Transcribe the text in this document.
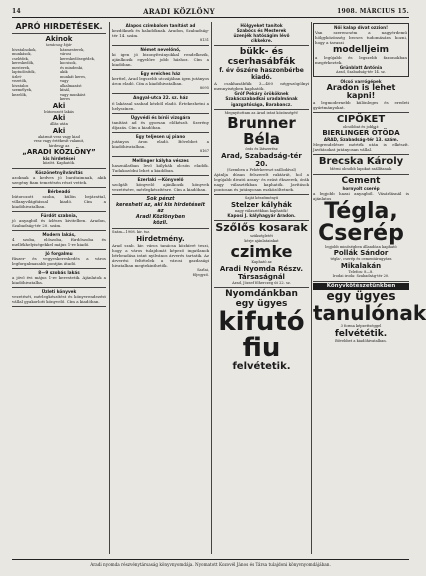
14	ARADI KÖZLÖNY	1908. MÁRCIUS 15.
APRÓ HIRDETÉSEK.
Akinok
tanácsog kijár
hivatalnokok,
munkások,
cselédek,
kereskedők,
mesterek,
laptudósítók,
üzlet-
vezetők,
hivatalos
személyek,
kezelők,
házmesterek,
városi
kereskedősegédek,
kocsisok,
és mindenki,
akik
munkát keres,
vagy
alkalmazást
kínál,
vagy munkást
keres
Aki
bútorozott lakás
Aki
állás után
Aki
akármit vesz vagy kiad
vesz vagy értékesít valamit,
hirdesse az
„ARADI KÖZLÖNY”
kis hirdetései
között. Kaphatók.
Köszönetnyilvánítás
azoknak a kedves jó barátaimnak, akik szegény fiam temetésén részt vettek.
Bérbeadó
bútorozott szoba, külön bejárattal, villanyvilágítással kiadó. Cím a kiadóhivatalban.
Fürdőt szabnia,
jó anyagból és ízléses kivitelben. Aradon, Szabadság-tér 20. szám.
Modern lakás,
4 szoba, előszoba, fürdőszoba és mellékhelyiségekkel május 1-re kiadó.
Jó forgalmu
fűszer- és vegyeskereskedés a város legforgalmasabb pontján átadó.
8—9 szobás lakás
a jövő évi május 1-re kerestetik. Ajánlatok a kiadóhivatalba.
Üzleti könyvek
vezetését, mérlegkészítést és könyvrendezést vállal gyakorlott könyvelő. Cím a kiadóban.
Alapos czimbalom tanítást ad
kezdőknek és haladóknak. Aradon, Szabadság-tér 14. szám.
8131
Német nevelőnő,
ki igen jó bizonyítványokkal rendelkezik, ajánlkozik egyelőre jobb házhoz. Cím a kiadóban.
Egy ereiches ház
kerttel, Arad legszebb utczájában igen jutányos áron eladó. Cím a kiadóhivatalban.
8095
Angyal-utca 22. sz. ház
6 lakással szabad kézből eladó. Értekezhetni a helyszínen.
Ügyvédi és bírói vizsgára
tanítást ad és gyorsan előkészít. Szerény díjazás. Cím a kiadóban.
Egy teljesen uj piano
jutányos áron eladó. Bővebbet a kiadóhivatalban.
8167
Mellinger kályha vészes
használatban levő kályhák olcsón eladók. Tudakozódni lehet a kiadóban.
Ezerlaki —Könyvelő
szolgált könyvelő ajánlkozik könyvek vezetésére, mérlegkészítésre. Cím a kiadóban.
Sok pénzt
keresheti az, aki kis hirdetéseit
az
Aradi Közlönyben
közli.
Szám—1908. kir. tsz.
Hirdetmény.
Arad szab. kir. város tanácsa közhírré teszi, hogy a város tulajdonát képező ingatlanok bérbeadása iránt nyilvános árverés tartatik. Az árverési feltételek a városi gazdasági hivatalban megtekinthetők.
Sarlai,
főjegyző.
Hölgyeket tanítok
Szabócs és Mesterek
üzenjék hatóságim lévő
cikkekre.
bükk- és
cserhasábfák
f. év őszére haszonbérbe kiadó.
A csakhasábfák 3—400 négyszögölnyi mennyiségben kaphatók.
Gróf Pekáry örököknek Szakácszabadkai uradalmának igazgatósága, Barabancz.
Megnyitottam az Arad iránt közönségét!
Brunner Béla
órás és látszerész
Arad, Szabadság-tér 20.
(Szemben a Fehérkereszt szállodával)
Ajánlja dúsan felszerelt raktárát, hol a legújabb divatú arany- és ezüst ékszerek, órák nagy választékban kaphatók. Javítások pontosan és jutányosan eszközöltetnek.
Saját készítményű
Stelzer kályhák
nagy választékban kaphatók!
Kaposi J. kályhagyár Aradon.
Szőlős kosarak
szükségletét
kérje ajánlatainkat
czimke
Kapható az
Aradi Nyomda Részv.
Társaságnál
Arad, József főherczeg út 22. sz.
Nyomdánkban
egy ügyes
kifutó fiu
felvétetik.
Női kalap dívat ozzion!
Van szerencsém a nagyérdemű hölgyközönség becses tudomására hozni, hogy a tavaszi
modelljeim
a legújabb és legszebb fazonokban megérkeztek.
Grünblatt Antónia
Arad, Szabadság-tér 14. sz.
Olcsó varrógépek
Aradon is lehet kapni!
a legmodernebb különleges és eredeti gyártmányokat.
CIPŐKET
olcsóbbat és jobbat:
BIERLINGER ÖTÖDA
ARAD, Szabadság-tér 13. szám.
Megrendelésre mérték után is elkészít. Javításokat jutányosan vállal.
Brecska Károly
Mérni olcsóbb lapokat szállítanak.
Cement
hornyolt cserép
a legjobb hazai anyagból. Vásárlásnál is ajánlatos
Tégla,
Cserép
legjobb minőségben állandóan kapható
Pollák Sándor
tégla-, cserép és cementárugyára
Mikalakán
Telefon: 8—8.
Irodai iroda: Szabadság-tér 20.
Könyvkötészetünkben
egy ügyes
tanulónak
3 forma képzettséggel
felvététik.
Bővebbet a kiadóhivatalban.
Aradi nyomda részvénytársaság könyvnyomdája. Nyomatott Kozovél János és Társa tulajdoni könyvnyomdájában.
